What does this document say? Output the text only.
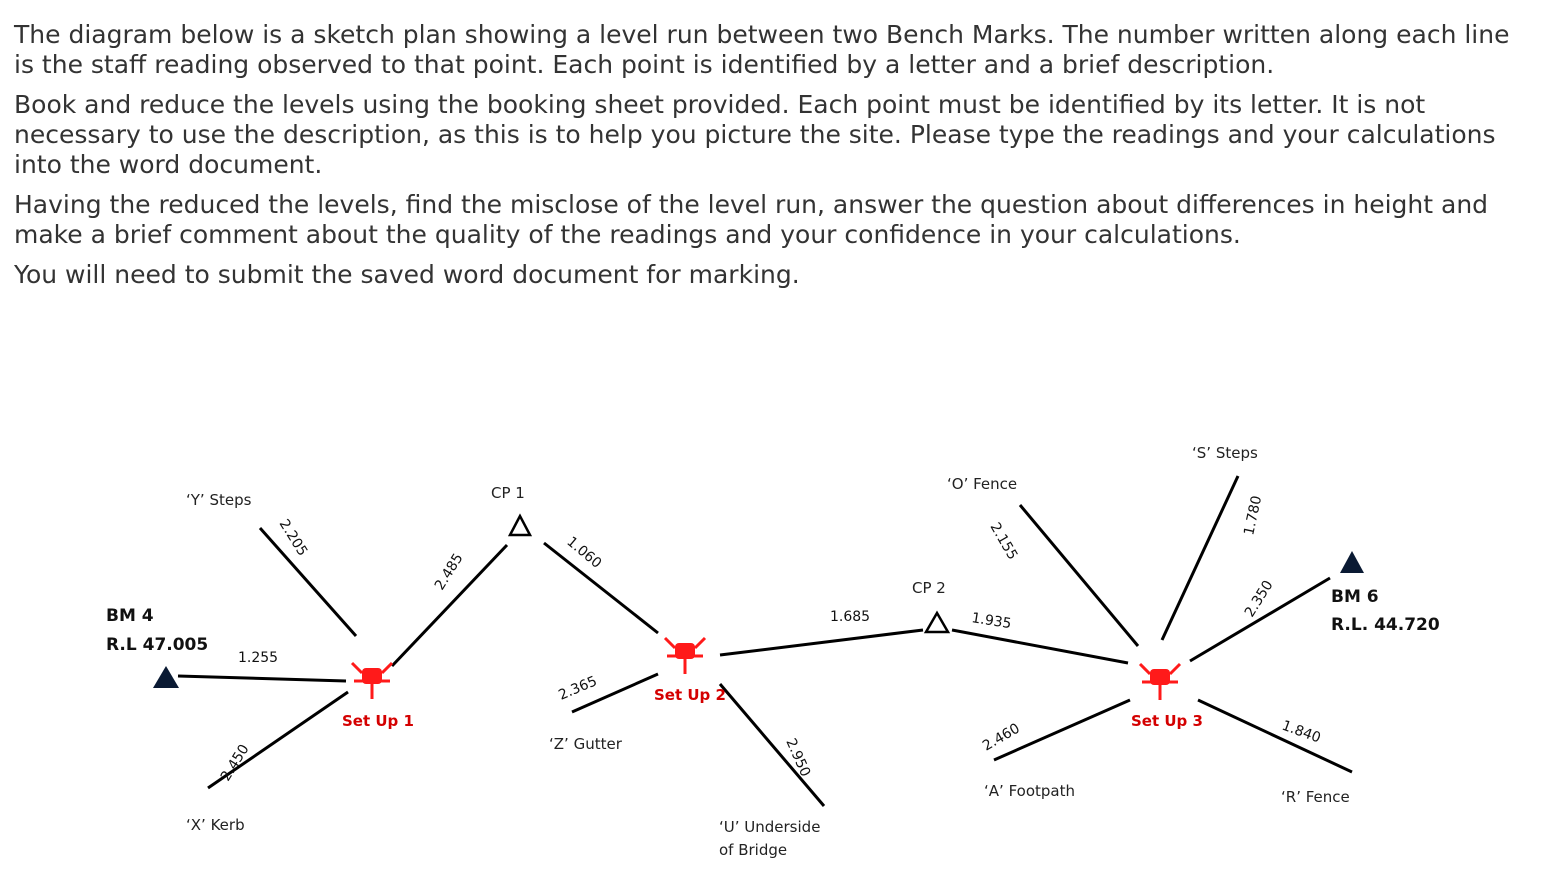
The diagram below is a sketch plan showing a level run between two Bench Marks. The number written along each line is the staff reading observed to that point. Each point is identified by a letter and a brief description.

Book and reduce the levels using the booking sheet provided. Each point must be identified by its letter. It is not necessary to use the description, as this is to help you picture the site. Please type the readings and your calculations into the word document.

Having the reduced the levels, find the misclose of the level run, answer the question about differences in height and make a brief comment about the quality of the readings and your confidence in your calculations.

You will need to submit the saved word document for marking.

BM 4
R.L 47.005
BM 6
R.L. 44.720
CP 1
CP 2
Set Up 1
Set Up 2
Set Up 3
‘Y’ Steps
‘X’ Kerb
‘Z’ Gutter
‘U’ Underside
of Bridge
‘O’ Fence
‘S’ Steps
‘A’ Footpath	‘R’ Fence
1.255
2.205
2.450
2.485	1.060
2.365
2.950
1.685	1.935
2.155
1.780
2.350
2.460	1.840
